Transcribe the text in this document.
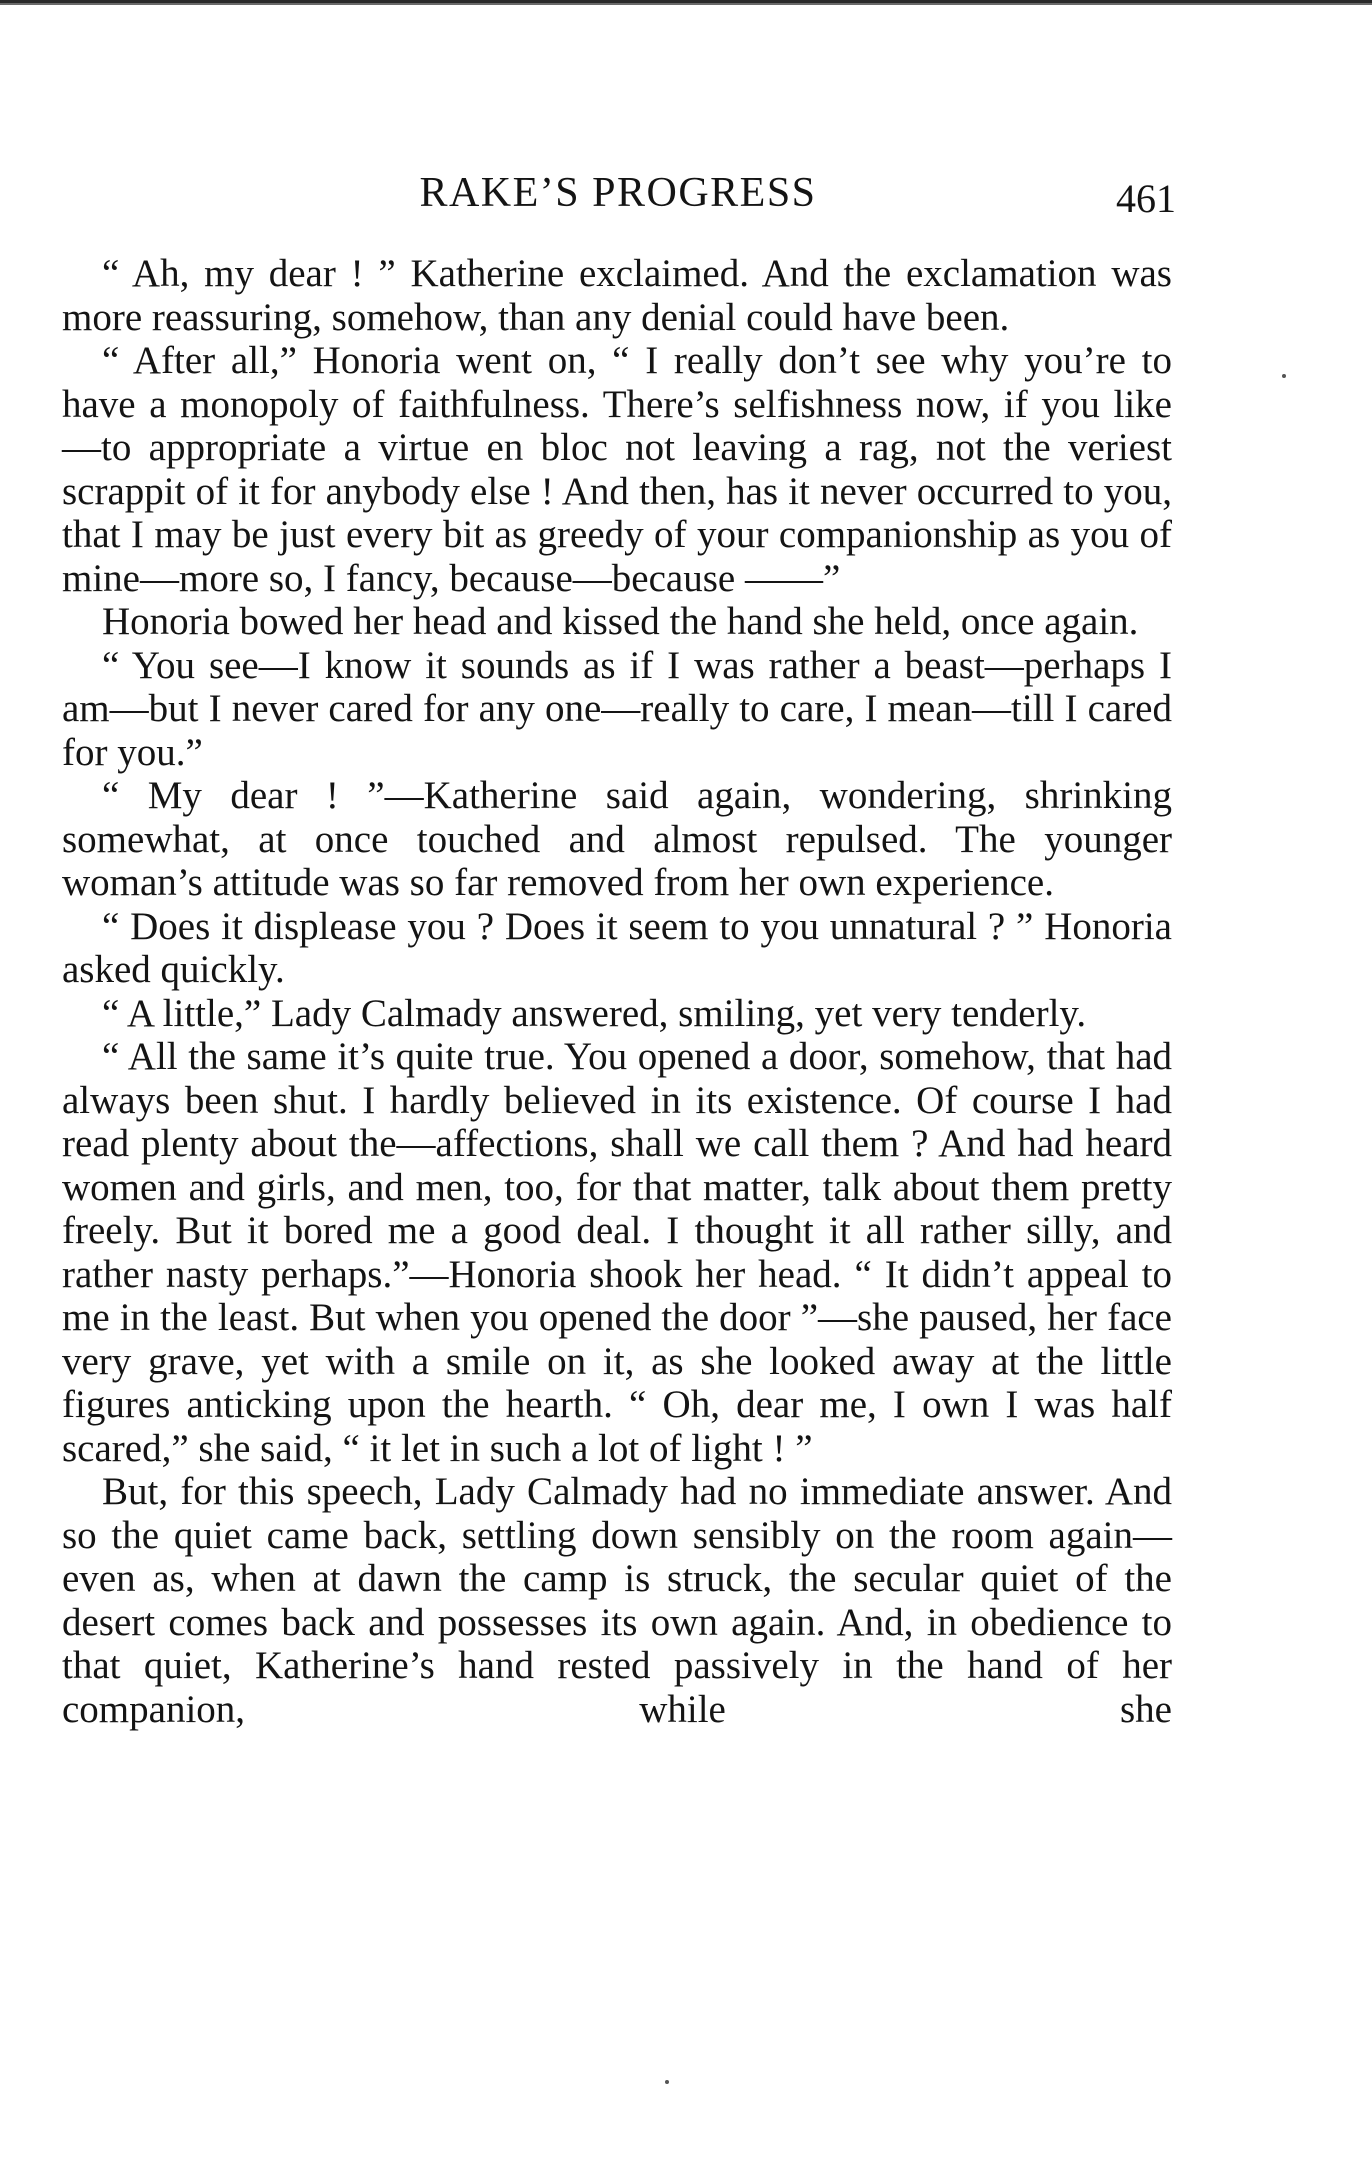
RAKE’S PROGRESS	461

“ Ah, my dear ! ” Katherine exclaimed. And the exclamation was more reassuring, somehow, than any denial could have been.

“ After all,” Honoria went on, “ I really don’t see why you’re to have a monopoly of faithfulness. There’s selfishness now, if you like—to appropriate a virtue en bloc not leaving a rag, not the veriest scrappit of it for anybody else ! And then, has it never occurred to you, that I may be just every bit as greedy of your companionship as you of mine—more so, I fancy, because—because ——”

Honoria bowed her head and kissed the hand she held, once again.

“ You see—I know it sounds as if I was rather a beast—perhaps I am—but I never cared for any one—really to care, I mean—till I cared for you.”

“ My dear ! ”—Katherine said again, wondering, shrinking somewhat, at once touched and almost repulsed. The younger woman’s attitude was so far removed from her own experience.

“ Does it displease you ? Does it seem to you unnatural ? ” Honoria asked quickly.

“ A little,” Lady Calmady answered, smiling, yet very tenderly.

“ All the same it’s quite true. You opened a door, somehow, that had always been shut. I hardly believed in its existence. Of course I had read plenty about the—affections, shall we call them ? And had heard women and girls, and men, too, for that matter, talk about them pretty freely. But it bored me a good deal. I thought it all rather silly, and rather nasty perhaps.”—Honoria shook her head. “ It didn’t appeal to me in the least. But when you opened the door ”—she paused, her face very grave, yet with a smile on it, as she looked away at the little figures anticking upon the hearth. “ Oh, dear me, I own I was half scared,” she said, “ it let in such a lot of light ! ”

But, for this speech, Lady Calmady had no immediate answer. And so the quiet came back, settling down sensibly on the room again—even as, when at dawn the camp is struck, the secular quiet of the desert comes back and possesses its own again. And, in obedience to that quiet, Katherine’s hand rested passively in the hand of her companion, while she
